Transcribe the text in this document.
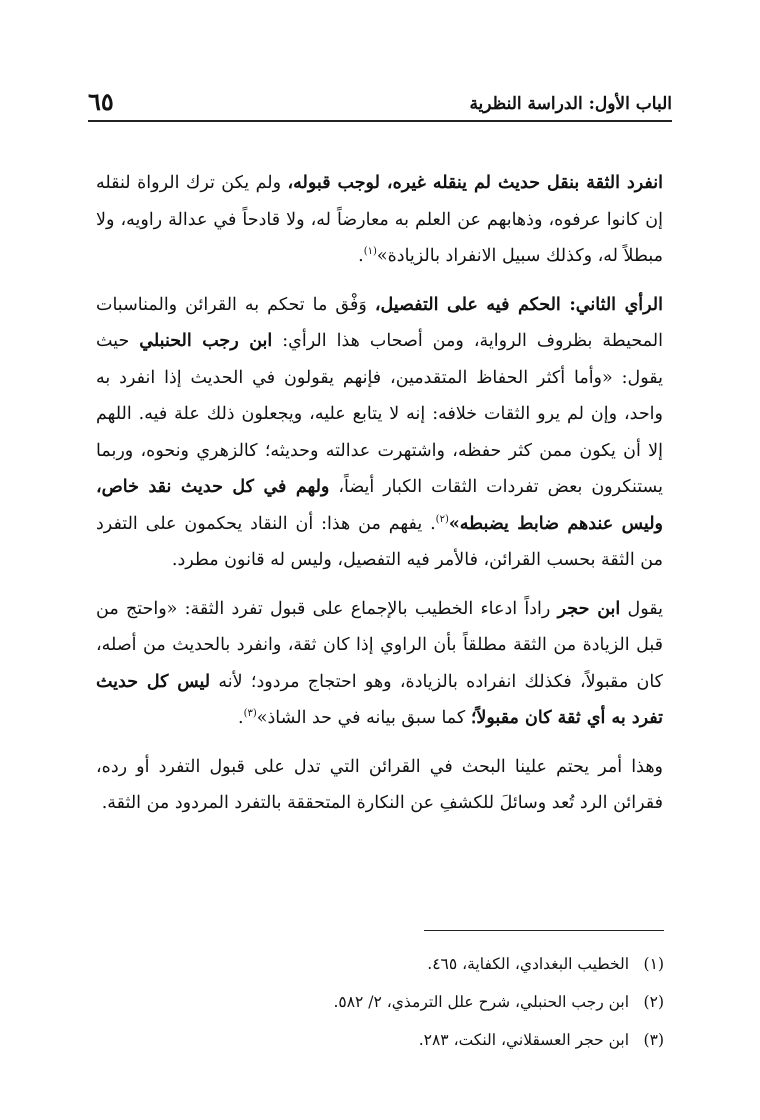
الباب الأول: الدراسة النظرية
٦٥

انفرد الثقة بنقل حديث لم ينقله غيره، لوجب قبوله، ولم يكن ترك الرواة لنقله إن كانوا عرفوه، وذهابهم عن العلم به معارضاً له، ولا قادحاً في عدالة راويه، ولا مبطلاً له، وكذلك سبيل الانفراد بالزيادة»$^{(١)}$.

الرأي الثاني: الحكم فيه على التفصيل، وَفْق ما تحكم به القرائن والمناسبات المحيطة بظروف الرواية، ومن أصحاب هذا الرأي: ابن رجب الحنبلي حيث يقول: «وأما أكثر الحفاظ المتقدمين، فإنهم يقولون في الحديث إذا انفرد به واحد، وإن لم يرو الثقات خلافه: إنه لا يتابع عليه، ويجعلون ذلك علة فيه. اللهم إلا أن يكون ممن كثر حفظه، واشتهرت عدالته وحديثه؛ كالزهري ونحوه، وربما يستنكرون بعض تفردات الثقات الكبار أيضاً، ولهم في كل حديث نقد خاص، وليس عندهم ضابط يضبطه»$^{(٢)}$. يفهم من هذا: أن النقاد يحكمون على التفرد من الثقة بحسب القرائن، فالأمر فيه التفصيل، وليس له قانون مطرد.

يقول ابن حجر راداً ادعاء الخطيب بالإجماع على قبول تفرد الثقة: «واحتج من قبل الزيادة من الثقة مطلقاً بأن الراوي إذا كان ثقة، وانفرد بالحديث من أصله، كان مقبولاً، فكذلك انفراده بالزيادة، وهو احتجاج مردود؛ لأنه ليس كل حديث تفرد به أي ثقة كان مقبولاً؛ كما سبق بيانه في حد الشاذ»$^{(٣)}$.

وهذا أمر يحتم علينا البحث في القرائن التي تدل على قبول التفرد أو رده، فقرائن الرد تُعد وسائلَ للكشفِ عن النكارة المتحققة بالتفرد المردود من الثقة.

(١) الخطيب البغدادي، الكفاية، ٤٦٥.
(٢) ابن رجب الحنبلي، شرح علل الترمذي، ٢/ ٥٨٢.
(٣) ابن حجر العسقلاني، النكت، ٢٨٣.
